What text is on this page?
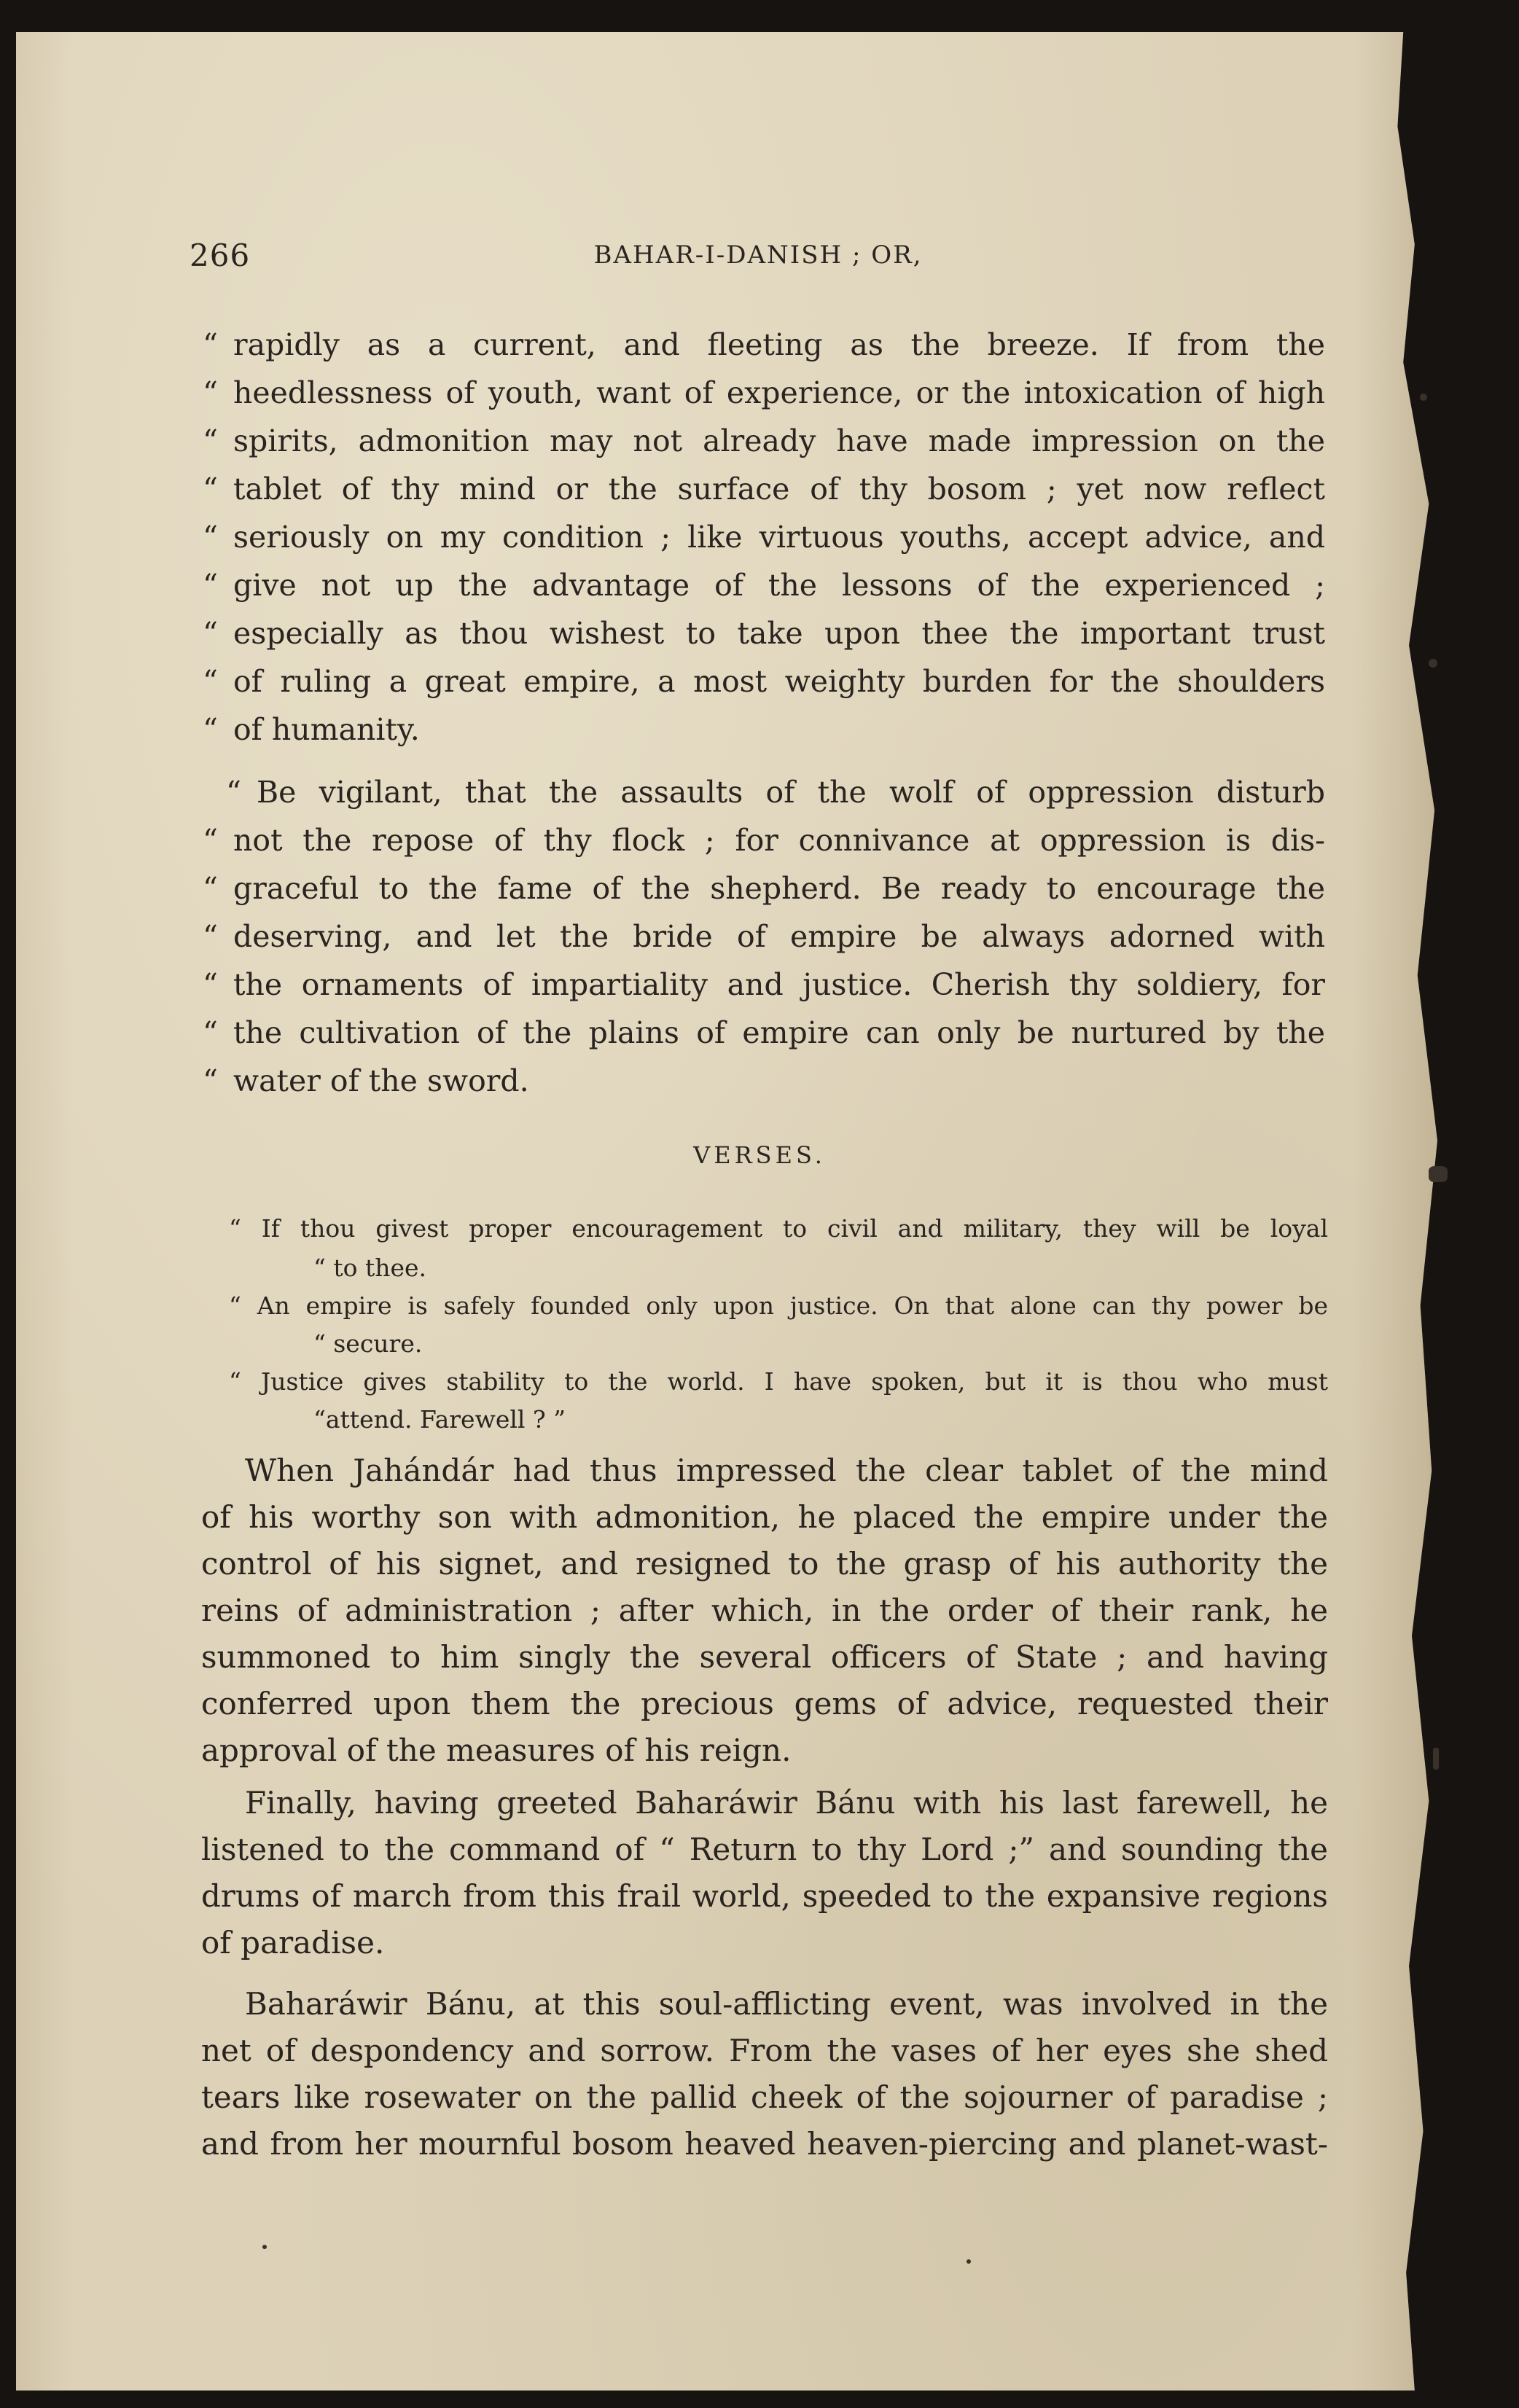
266	BAHAR-I-DANISH ; OR,
“ rapidly as a current, and fleeting as the breeze. If from the
“ heedlessness of youth, want of experience, or the intoxication of high
“ spirits, admonition may not already have made impression on the
“ tablet of thy mind or the surface of thy bosom ; yet now reflect
“ seriously on my condition ; like virtuous youths, accept advice, and
“ give not up the advantage of the lessons of the experienced ;
“ especially as thou wishest to take upon thee the important trust
“ of ruling a great empire, a most weighty burden for the shoulders
“ of humanity.
“ Be vigilant, that the assaults of the wolf of oppression disturb
“ not the repose of thy flock ; for connivance at oppression is dis-
“ graceful to the fame of the shepherd. Be ready to encourage the
“ deserving, and let the bride of empire be always adorned with
“ the ornaments of impartiality and justice. Cherish thy soldiery, for
“ the cultivation of the plains of empire can only be nurtured by the
“ water of the sword.
VERSES.
“ If thou givest proper encouragement to civil and military, they will be loyal
“ to thee.
“ An empire is safely founded only upon justice. On that alone can thy power be
“ secure.
“ Justice gives stability to the world. I have spoken, but it is thou who must
“attend. Farewell ? ”
When Jahándár had thus impressed the clear tablet of the mind
of his worthy son with admonition, he placed the empire under the
control of his signet, and resigned to the grasp of his authority the
reins of administration ; after which, in the order of their rank, he
summoned to him singly the several officers of State ; and having
conferred upon them the precious gems of advice, requested their
approval of the measures of his reign.
Finally, having greeted Baharáwir Bánu with his last farewell, he
listened to the command of “ Return to thy Lord ;” and sounding the
drums of march from this frail world, speeded to the expansive regions
of paradise.
Baharáwir Bánu, at this soul-afflicting event, was involved in the
net of despondency and sorrow. From the vases of her eyes she shed
tears like rosewater on the pallid cheek of the sojourner of paradise ;
and from her mournful bosom heaved heaven-piercing and planet-wast-
